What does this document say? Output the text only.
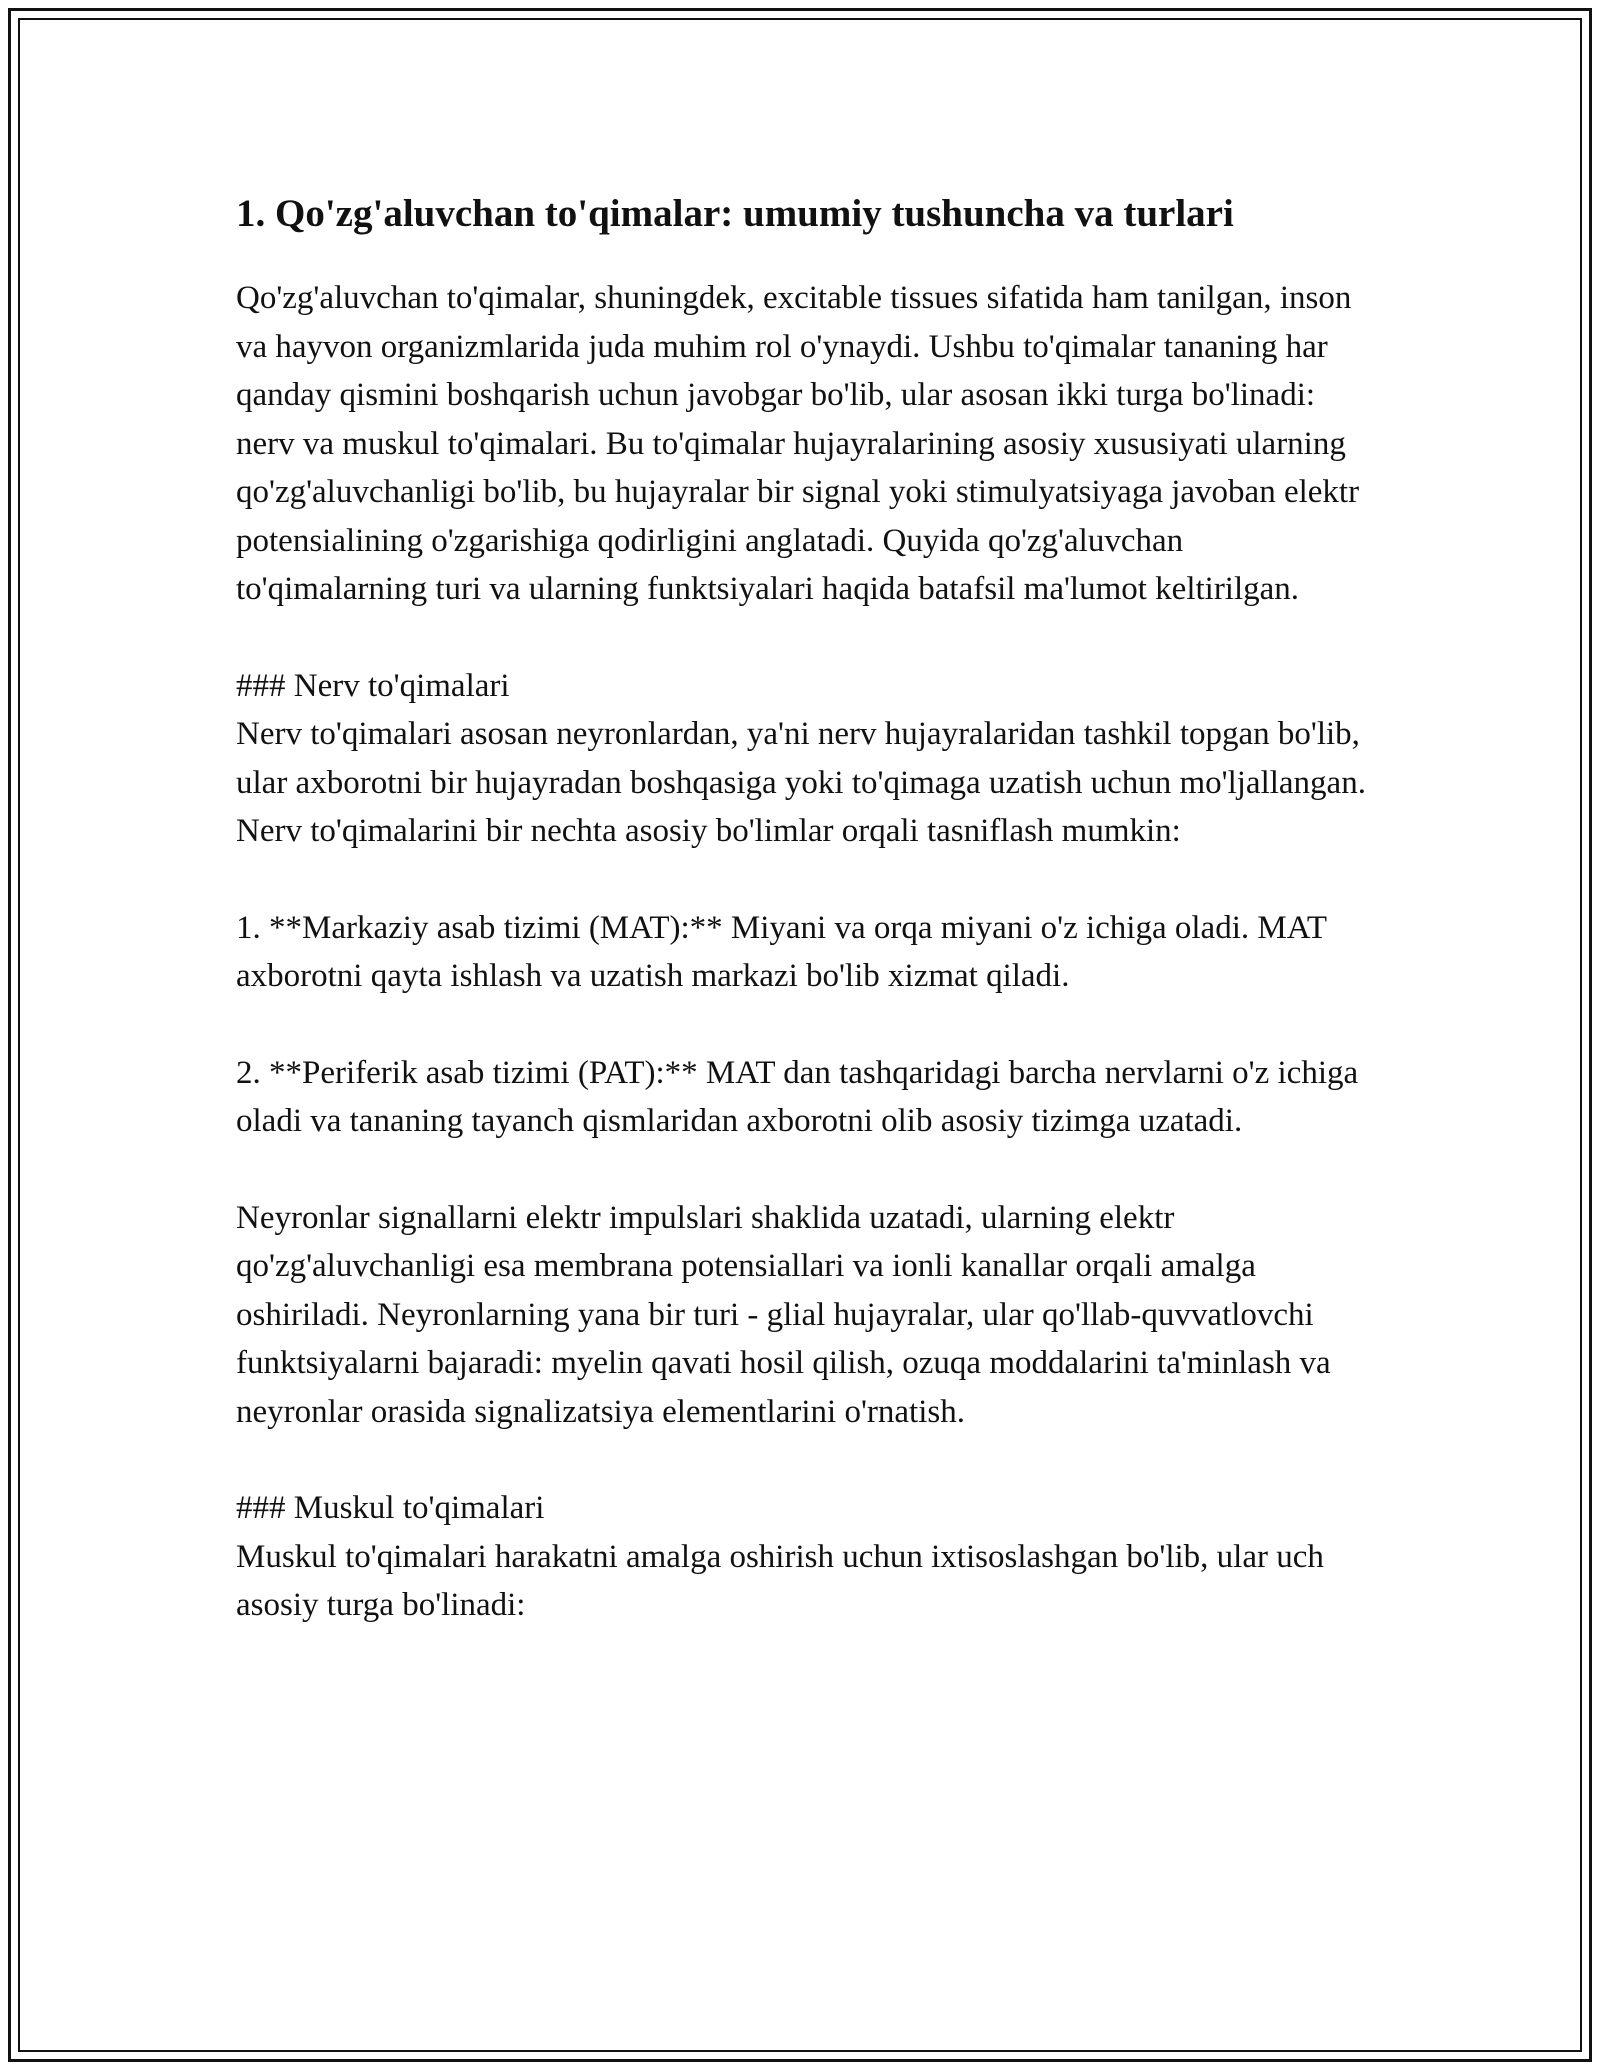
1. Qo'zg'aluvchan to'qimalar: umumiy tushuncha va turlari

Qo'zg'aluvchan to'qimalar, shuningdek, excitable tissues sifatida ham tanilgan, inson va hayvon organizmlarida juda muhim rol o'ynaydi. Ushbu to'qimalar tananing har qanday qismini boshqarish uchun javobgar bo'lib, ular asosan ikki turga bo'linadi: nerv va muskul to'qimalari. Bu to'qimalar hujayralarining asosiy xususiyati ularning qo'zg'aluvchanligi bo'lib, bu hujayralar bir signal yoki stimulyatsiyaga javoban elektr potensialining o'zgarishiga qodirligini anglatadi. Quyida qo'zg'aluvchan to'qimalarning turi va ularning funktsiyalari haqida batafsil ma'lumot keltirilgan.

### Nerv to'qimalari
Nerv to'qimalari asosan neyronlardan, ya'ni nerv hujayralaridan tashkil topgan bo'lib, ular axborotni bir hujayradan boshqasiga yoki to'qimaga uzatish uchun mo'ljallangan. Nerv to'qimalarini bir nechta asosiy bo'limlar orqali tasniflash mumkin:

1. **Markaziy asab tizimi (MAT):** Miyani va orqa miyani o'z ichiga oladi. MAT axborotni qayta ishlash va uzatish markazi bo'lib xizmat qiladi.

2. **Periferik asab tizimi (PAT):** MAT dan tashqaridagi barcha nervlarni o'z ichiga oladi va tananing tayanch qismlaridan axborotni olib asosiy tizimga uzatadi.

Neyronlar signallarni elektr impulslari shaklida uzatadi, ularning elektr qo'zg'aluvchanligi esa membrana potensiallari va ionli kanallar orqali amalga oshiriladi. Neyronlarning yana bir turi - glial hujayralar, ular qo'llab-quvvatlovchi funktsiyalarni bajaradi: myelin qavati hosil qilish, ozuqa moddalarini ta'minlash va neyronlar orasida signalizatsiya elementlarini o'rnatish.

### Muskul to'qimalari
Muskul to'qimalari harakatni amalga oshirish uchun ixtisoslashgan bo'lib, ular uch asosiy turga bo'linadi:
